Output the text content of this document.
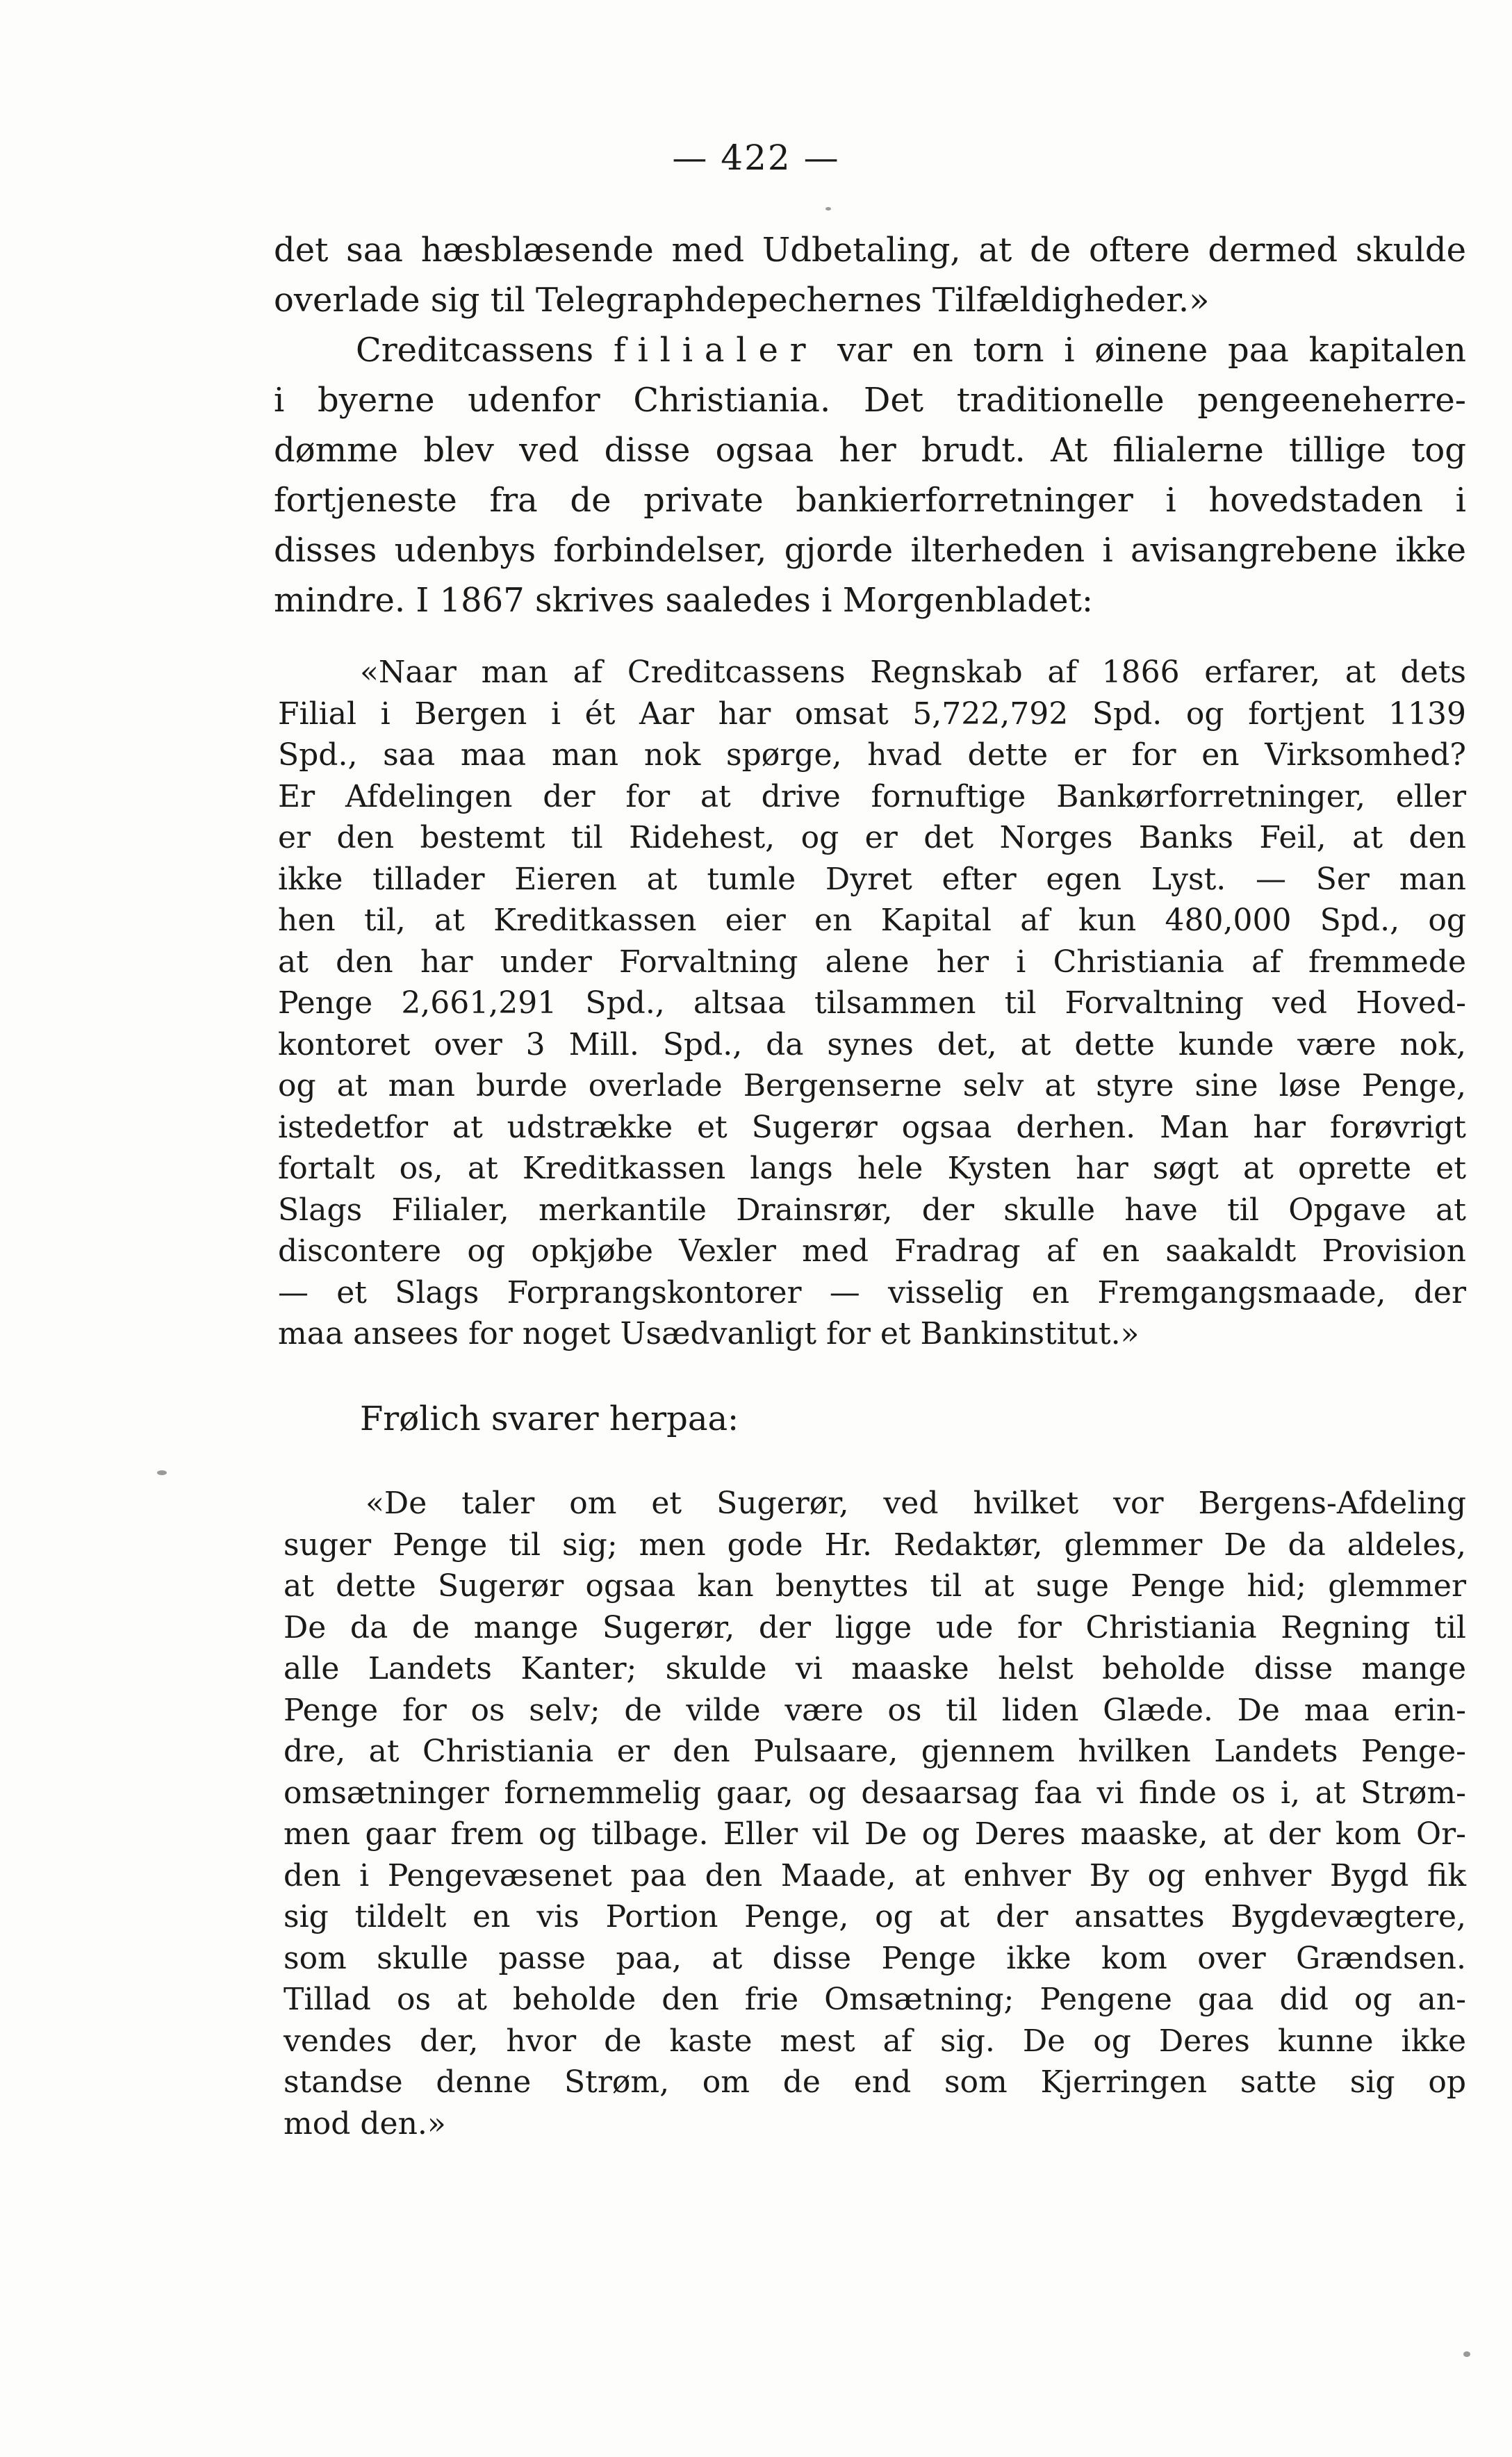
— 422 —
det saa hæsblæsende med Udbetaling, at de oftere dermed skulde
overlade sig til Telegraphdepechernes Tilfældigheder.»
Creditcassens filialer var en torn i øinene paa kapitalen
i byerne udenfor Christiania. Det traditionelle pengeeneherre-
dømme blev ved disse ogsaa her brudt. At filialerne tillige tog
fortjeneste fra de private bankierforretninger i hovedstaden i
disses udenbys forbindelser, gjorde ilterheden i avisangrebene ikke
mindre. I 1867 skrives saaledes i Morgenbladet:
«Naar man af Creditcassens Regnskab af 1866 erfarer, at dets
Filial i Bergen i ét Aar har omsat 5,722,792 Spd. og fortjent 1139
Spd., saa maa man nok spørge, hvad dette er for en Virksomhed?
Er Afdelingen der for at drive fornuftige Bankørforretninger, eller
er den bestemt til Ridehest, og er det Norges Banks Feil, at den
ikke tillader Eieren at tumle Dyret efter egen Lyst. — Ser man
hen til, at Kreditkassen eier en Kapital af kun 480,000 Spd., og
at den har under Forvaltning alene her i Christiania af fremmede
Penge 2,661,291 Spd., altsaa tilsammen til Forvaltning ved Hoved-
kontoret over 3 Mill. Spd., da synes det, at dette kunde være nok,
og at man burde overlade Bergenserne selv at styre sine løse Penge,
istedetfor at udstrække et Sugerør ogsaa derhen. Man har forøvrigt
fortalt os, at Kreditkassen langs hele Kysten har søgt at oprette et
Slags Filialer, merkantile Drainsrør, der skulle have til Opgave at
discontere og opkjøbe Vexler med Fradrag af en saakaldt Provision
— et Slags Forprangskontorer — visselig en Fremgangsmaade, der
maa ansees for noget Usædvanligt for et Bankinstitut.»
Frølich svarer herpaa:
«De taler om et Sugerør, ved hvilket vor Bergens-Afdeling
suger Penge til sig; men gode Hr. Redaktør, glemmer De da aldeles,
at dette Sugerør ogsaa kan benyttes til at suge Penge hid; glemmer
De da de mange Sugerør, der ligge ude for Christiania Regning til
alle Landets Kanter; skulde vi maaske helst beholde disse mange
Penge for os selv; de vilde være os til liden Glæde. De maa erin-
dre, at Christiania er den Pulsaare, gjennem hvilken Landets Penge-
omsætninger fornemmelig gaar, og desaarsag faa vi finde os i, at Strøm-
men gaar frem og tilbage. Eller vil De og Deres maaske, at der kom Or-
den i Pengevæsenet paa den Maade, at enhver By og enhver Bygd fik
sig tildelt en vis Portion Penge, og at der ansattes Bygdevægtere,
som skulle passe paa, at disse Penge ikke kom over Grændsen.
Tillad os at beholde den frie Omsætning; Pengene gaa did og an-
vendes der, hvor de kaste mest af sig. De og Deres kunne ikke
standse denne Strøm, om de end som Kjerringen satte sig op
mod den.»
